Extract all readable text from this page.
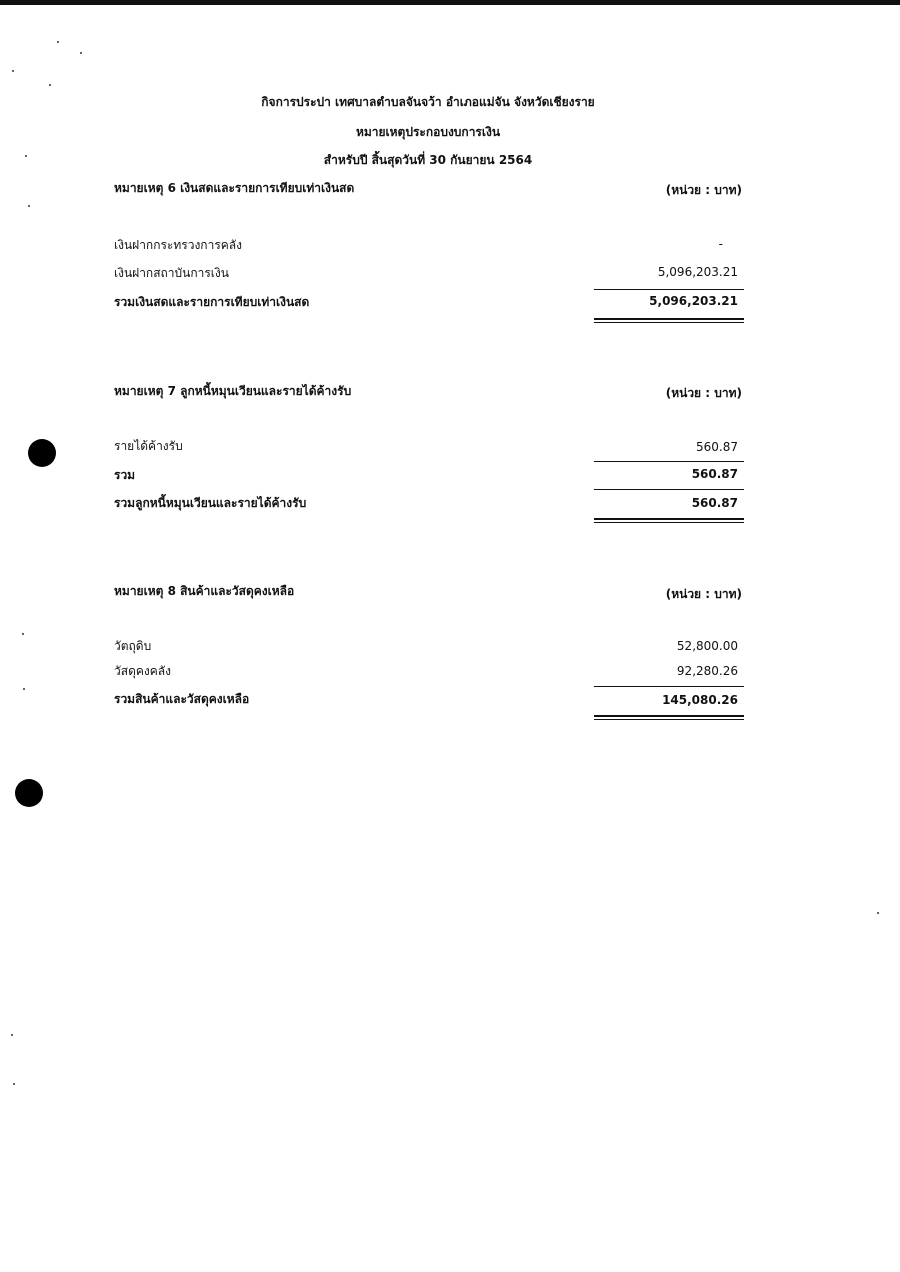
กิจการประปา เทศบาลตำบลจันจว้า อำเภอแม่จัน จังหวัดเชียงราย
หมายเหตุประกอบงบการเงิน
สำหรับปี สิ้นสุดวันที่ 30 กันยายน 2564
หมายเหตุ 6 เงินสดและรายการเทียบเท่าเงินสด	(หน่วย : บาท)
เงินฝากกระทรวงการคลัง	-
เงินฝากสถาบันการเงิน	5,096,203.21
รวมเงินสดและรายการเทียบเท่าเงินสด	5,096,203.21
หมายเหตุ 7 ลูกหนี้หมุนเวียนและรายได้ค้างรับ	(หน่วย : บาท)
รายได้ค้างรับ	560.87
รวม	560.87
รวมลูกหนี้หมุนเวียนและรายได้ค้างรับ	560.87
หมายเหตุ 8 สินค้าและวัสดุคงเหลือ	(หน่วย : บาท)
วัตถุดิบ	52,800.00
วัสดุคงคลัง	92,280.26
รวมสินค้าและวัสดุคงเหลือ	145,080.26
